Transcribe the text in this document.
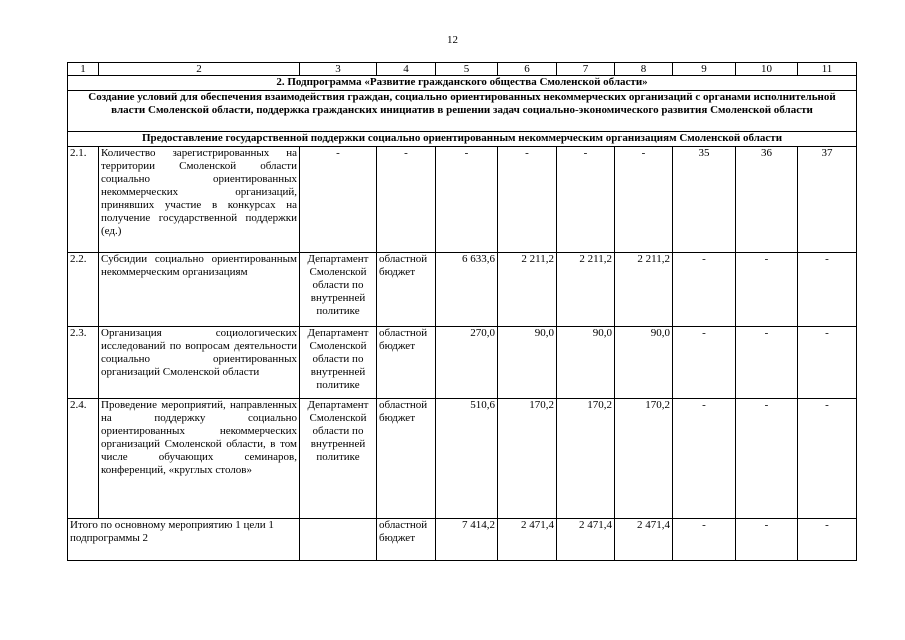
12
1	2	3	4	5	6	7	8	9	10	11
2. Подпрограмма «Развитие гражданского общества Смоленской области»										
Создание условий для обеспечения взаимодействия граждан, социально ориентированных некоммерческих организаций с органами исполнительной власти Смоленской области, поддержка гражданских инициатив в решении задач социально-экономического развития Смоленской области										
Предоставление государственной поддержки социально ориентированным некоммерческим организациям Смоленской области										
2.1.	Количество зарегистрированных на территории Смоленской области социально ориентированных некоммерческих организаций, принявших участие в конкурсах на получение государственной поддержки (ед.)	-	-	-	-	-	-	35	36	37
2.2.	Субсидии социально ориентированным некоммерческим организациям	Департамент Смоленской области по внутренней политике	областной бюджет	6 633,6	2 211,2	2 211,2	2 211,2	-	-	-
2.3.	Организация социологических исследований по вопросам деятельности социально ориентированных организаций Смоленской области	Департамент Смоленской области по внутренней политике	областной бюджет	270,0	90,0	90,0	90,0	-	-	-
2.4.	Проведение мероприятий, направленных на поддержку социально ориентированных некоммерческих организаций Смоленской области, в том числе обучающих семинаров, конференций, «круглых столов»	Департамент Смоленской области по внутренней политике	областной бюджет	510,6	170,2	170,2	170,2	-	-	-
Итого по основному мероприятию 1 цели 1 подпрограммы 2			областной бюджет	7 414,2	2 471,4	2 471,4	2 471,4	-	-	-
